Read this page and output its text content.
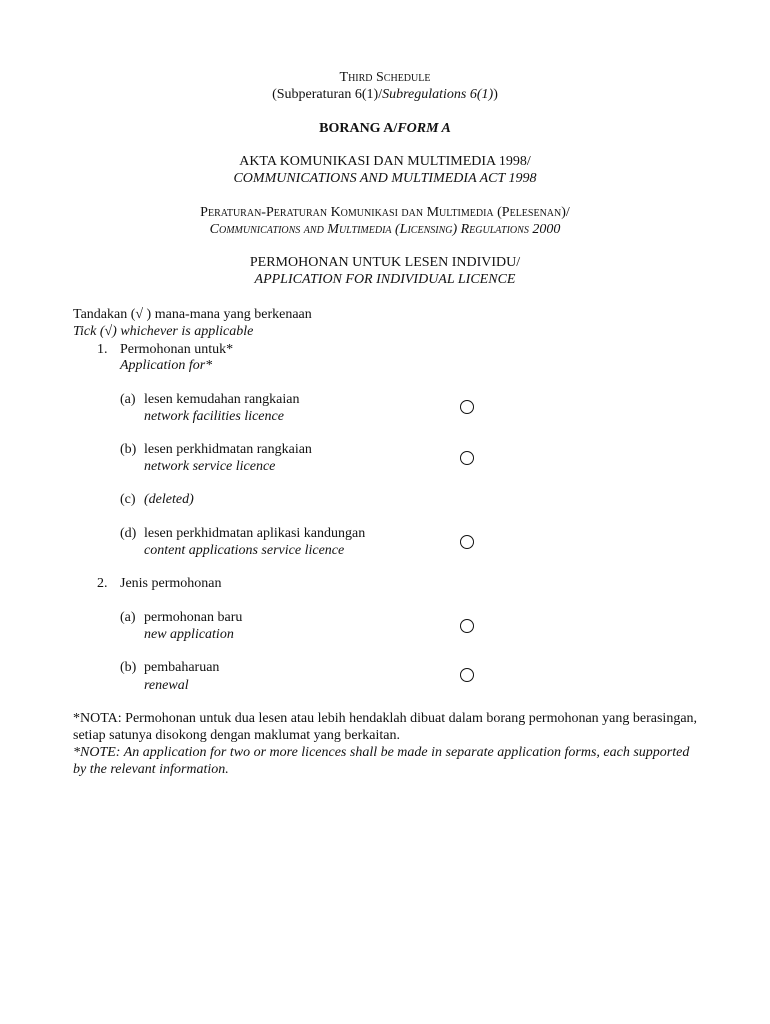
Third Schedule
(Subperaturan 6(1)/Subregulations 6(1))
BORANG A/FORM A
AKTA KOMUNIKASI DAN MULTIMEDIA 1998/
COMMUNICATIONS AND MULTIMEDIA ACT 1998
Peraturan-Peraturan Komunikasi dan Multimedia (Pelesenan)/
Communications and Multimedia (Licensing) Regulations 2000
PERMOHONAN UNTUK LESEN INDIVIDU/
APPLICATION FOR INDIVIDUAL LICENCE
Tandakan (√ ) mana-mana yang berkenaan
Tick (√) whichever is applicable
1. Permohonan untuk*
Application for*
(a) lesen kemudahan rangkaian
network facilities licence
(b) lesen perkhidmatan rangkaian
network service licence
(c) (deleted)
(d) lesen perkhidmatan aplikasi kandungan
content applications service licence
2. Jenis permohonan
(a) permohonan baru
new application
(b) pembaharuan
renewal
*NOTA: Permohonan untuk dua lesen atau lebih hendaklah dibuat dalam borang permohonan yang berasingan, setiap satunya disokong dengan maklumat yang berkaitan.
*NOTE: An application for two or more licences shall be made in separate application forms, each supported by the relevant information.
